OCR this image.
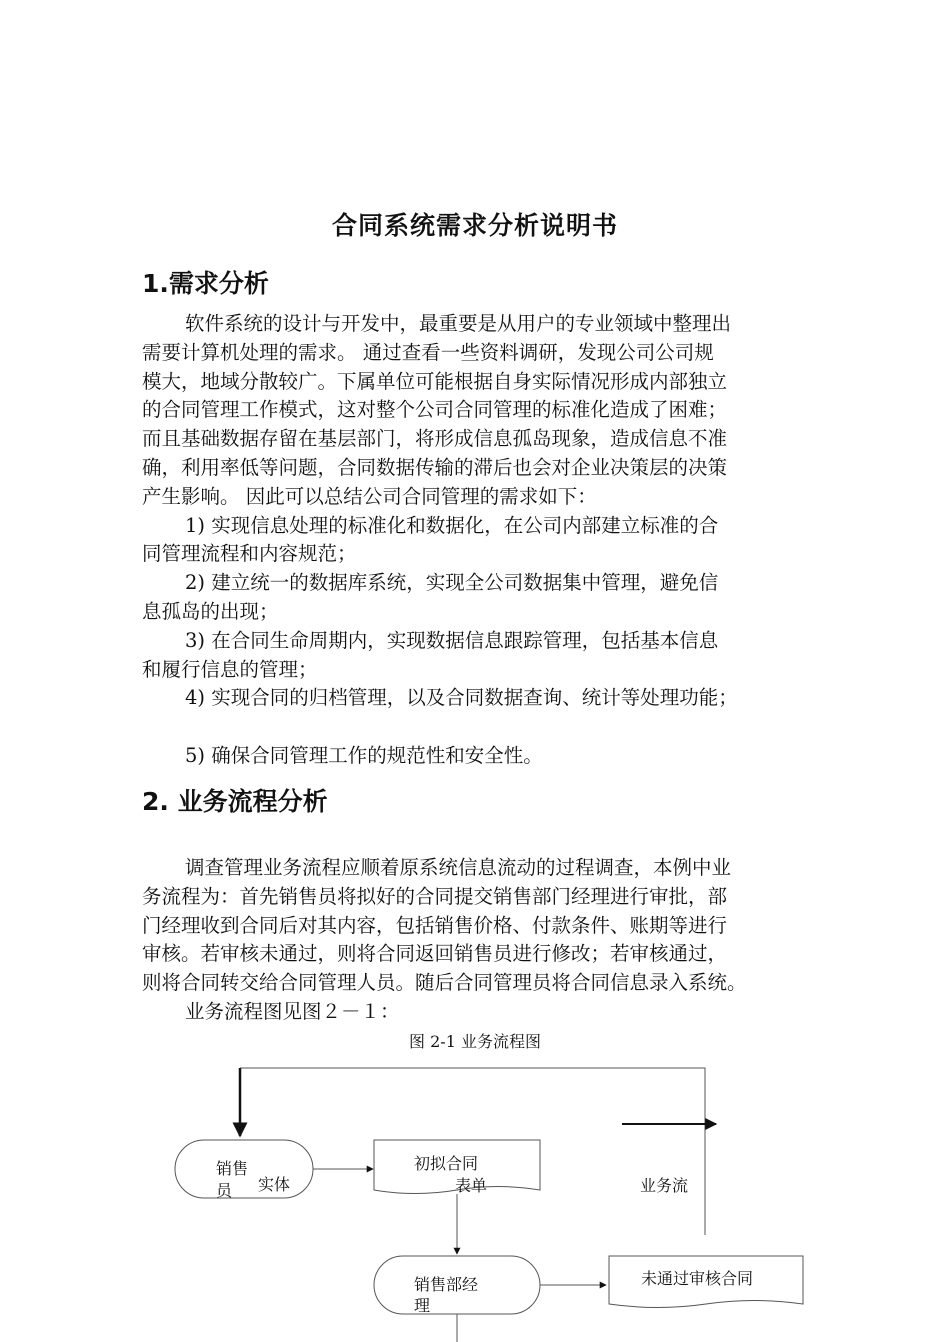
合同系统需求分析说明书
1.需求分析

软件系统的设计与开发中，最重要是从用户的专业领域中整理出

需要计算机处理的需求。 通过查看一些资料调研，发现公司公司规

模大，地域分散较广。下属单位可能根据自身实际情况形成内部独立

的合同管理工作模式，这对整个公司合同管理的标准化造成了困难；

而且基础数据存留在基层部门，将形成信息孤岛现象，造成信息不准

确，利用率低等问题，合同数据传输的滞后也会对企业决策层的决策

产生影响。 因此可以总结公司合同管理的需求如下：

1) 实现信息处理的标准化和数据化，在公司内部建立标准的合

同管理流程和内容规范；

2) 建立统一的数据库系统，实现全公司数据集中管理，避免信

息孤岛的出现；

3) 在合同生命周期内，实现数据信息跟踪管理，包括基本信息

和履行信息的管理；

4) 实现合同的归档管理，以及合同数据查询、统计等处理功能；

5) 确保合同管理工作的规范性和安全性。

2. 业务流程分析

调查管理业务流程应顺着原系统信息流动的过程调查，本例中业

务流程为：首先销售员将拟好的合同提交销售部门经理进行审批，部

门经理收到合同后对其内容，包括销售价格、付款条件、账期等进行

审核。若审核未通过，则将合同返回销售员进行修改；若审核通过，

则将合同转交给合同管理人员。随后合同管理员将合同信息录入系统。

业务流程图见图２－１：

图 2-1 业务流程图
销售
员 实体
初拟合同
表单	业务流
销售部经
理
未通过审核合同
